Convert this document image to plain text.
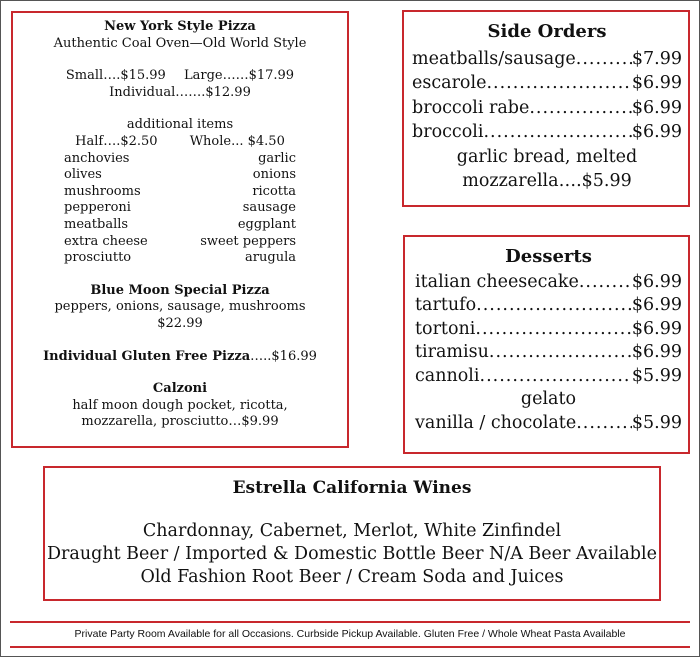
New York Style Pizza
Authentic Coal Oven—Old World Style
Small….$15.99 Large……$17.99
Individual…….$12.99
additional items
Half….$2.50 Whole... $4.50
anchovies	garlic
olives	onions
mushrooms	ricotta
pepperoni	sausage
meatballs	eggplant
extra cheese	sweet peppers
prosciutto	arugula
Blue Moon Special Pizza
peppers, onions, sausage, mushrooms
$22.99
Individual Gluten Free Pizza…..$16.99
Calzoni
half moon dough pocket, ricotta,
mozzarella, prosciutto…$9.99
Side Orders
meatballs/sausage .....	$7.99
escarole .....	$6.99
broccoli rabe .....	$6.99
broccoli .....	$6.99
garlic bread, melted
mozzarella….$5.99
Desserts
italian cheesecake .....	$6.99
tartufo .....	$6.99
tortoni .....	$6.99
tiramisu .....	$6.99
cannoli .....	$5.99
gelato
vanilla / chocolate .....	$5.99
Estrella California Wines
Chardonnay, Cabernet, Merlot, White Zinfindel
Draught Beer / Imported & Domestic Bottle Beer N/A Beer Available
Old Fashion Root Beer / Cream Soda and Juices
Private Party Room Available for all Occasions. Curbside Pickup Available. Gluten Free / Whole Wheat Pasta Available
